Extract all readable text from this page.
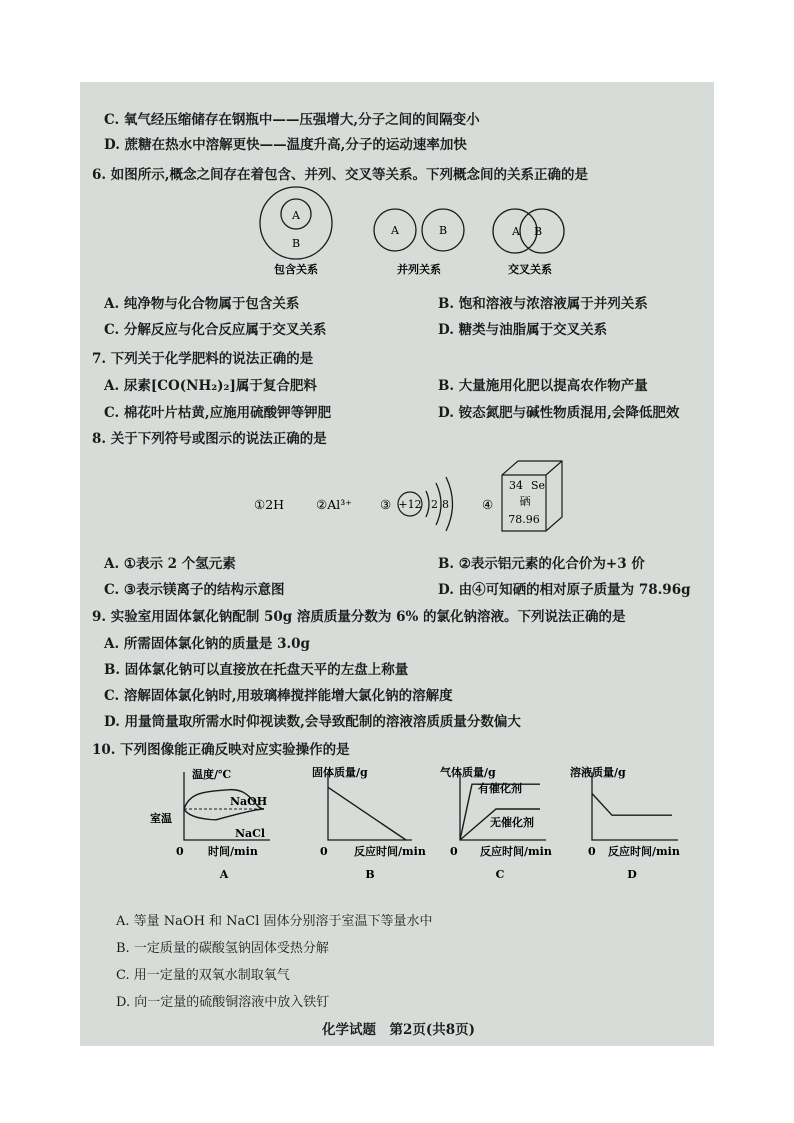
C. 氧气经压缩储存在钢瓶中——压强增大,分子之间的间隔变小
D. 蔗糖在热水中溶解更快——温度升高,分子的运动速率加快
6. 如图所示,概念之间存在着包含、并列、交叉等关系。下列概念间的关系正确的是
A
B
A	B	A B
包含关系	并列关系	交叉关系
A. 纯净物与化合物属于包含关系	B. 饱和溶液与浓溶液属于并列关系
C. 分解反应与化合反应属于交叉关系	D. 糖类与油脂属于交叉关系
7. 下列关于化学肥料的说法正确的是
A. 尿素[CO(NH₂)₂]属于复合肥料	B. 大量施用化肥以提高农作物产量
C. 棉花叶片枯黄,应施用硫酸钾等钾肥	D. 铵态氮肥与碱性物质混用,会降低肥效
8. 关于下列符号或图示的说法正确的是
①2H	②Al³⁺ ③ +12 2 8	④
34 Se
硒
78.96
A. ①表示 2 个氢元素	B. ②表示铝元素的化合价为+3 价
C. ③表示镁离子的结构示意图	D. 由④可知硒的相对原子质量为 78.96g
9. 实验室用固体氯化钠配制 50g 溶质质量分数为 6% 的氯化钠溶液。下列说法正确的是
A. 所需固体氯化钠的质量是 3.0g
B. 固体氯化钠可以直接放在托盘天平的左盘上称量
C. 溶解固体氯化钠时,用玻璃棒搅拌能增大氯化钠的溶解度
D. 用量筒量取所需水时仰视读数,会导致配制的溶液溶质质量分数偏大
10. 下列图像能正确反映对应实验操作的是
温度/℃
时间/min
0
室温
NaOH
NaCl
A
固体质量/g
反应时间/min
0
B
气体质量/g
反应时间/min
0
有催化剂
无催化剂
C
溶液质量/g
反应时间/min
0
D
A. 等量 NaOH 和 NaCl 固体分别溶于室温下等量水中
B. 一定质量的碳酸氢钠固体受热分解
C. 用一定量的双氧水制取氧气
D. 向一定量的硫酸铜溶液中放入铁钉
化学试题　第2页(共8页)
